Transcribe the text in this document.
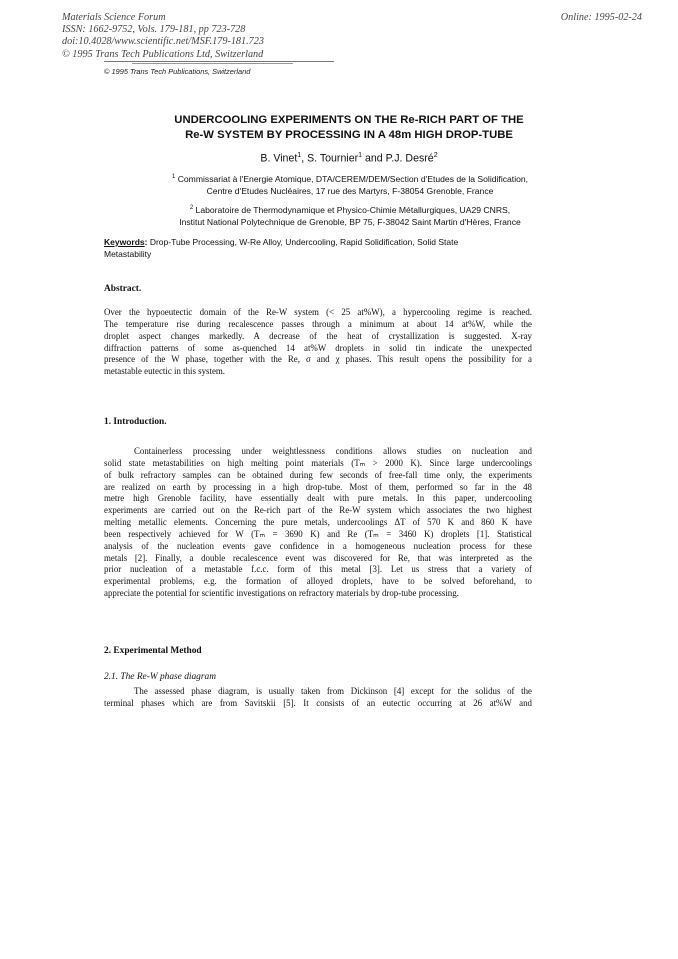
Materials Science Forum
ISSN: 1662-9752, Vols. 179-181, pp 723-728
doi:10.4028/www.scientific.net/MSF.179-181.723
© 1995 Trans Tech Publications Ltd, Switzerland
Online: 1995-02-24
© 1995 Trans Tech Publications, Switzerland
UNDERCOOLING EXPERIMENTS ON THE Re-RICH PART OF THE
Re-W SYSTEM BY PROCESSING IN A 48m HIGH DROP-TUBE
B. Vinet$^1$, S. Tournier$^1$ and P.J. Desré$^2$
$^1$ Commissariat à l'Energie Atomique, DTA/CEREM/DEM/Section d'Etudes de la Solidification,
Centre d'Etudes Nucléaires, 17 rue des Martyrs, F-38054 Grenoble, France
$^2$ Laboratoire de Thermodynamique et Physico-Chimie Métallurgiques, UA29 CNRS,
Institut National Polytechnique de Grenoble, BP 75, F-38042 Saint Martin d'Hères, France
Keywords: Drop-Tube Processing, W-Re Alloy, Undercooling, Rapid Solidification, Solid State
Metastability
Abstract.
Over the hypoeutectic domain of the Re-W system (< 25 at%W), a hypercooling regime is reached.
The temperature rise during recalescence passes through a minimum at about 14 at%W, while the
droplet aspect changes markedly. A decrease of the heat of crystallization is suggested. X-ray
diffraction patterns of some as-quenched 14 at%W droplets in solid tin indicate the unexpected
presence of the W phase, together with the Re, σ and χ phases. This result opens the possibility for a
metastable eutectic in this system.
1. Introduction.
Containerless processing under weightlessness conditions allows studies on nucleation and
solid state metastabilities on high melting point materials (Tₘ > 2000 K). Since large undercoolings
of bulk refractory samples can be obtained during few seconds of free-fall time only, the experiments
are realized on earth by processing in a high drop-tube. Most of them, performed so far in the 48
metre high Grenoble facility, have essentially dealt with pure metals. In this paper, undercooling
experiments are carried out on the Re-rich part of the Re-W system which associates the two highest
melting metallic elements. Concerning the pure metals, undercoolings ΔT of 570 K and 860 K have
been respectively achieved for W (Tₘ = 3690 K) and Re (Tₘ = 3460 K) droplets [1]. Statistical
analysis of the nucleation events gave confidence in a homogeneous nucleation process for these
metals [2]. Finally, a double recalescence event was discovered for Re, that was interpreted as the
prior nucleation of a metastable f.c.c. form of this metal [3]. Let us stress that a variety of
experimental problems, e.g. the formation of alloyed droplets, have to be solved beforehand, to
appreciate the potential for scientific investigations on refractory materials by drop-tube processing.
2. Experimental Method
2.1. The Re-W phase diagram
The assessed phase diagram, is usually taken from Dickinson [4] except for the solidus of the
terminal phases which are from Savitskii [5]. It consists of an eutectic occurring at 26 at%W and
